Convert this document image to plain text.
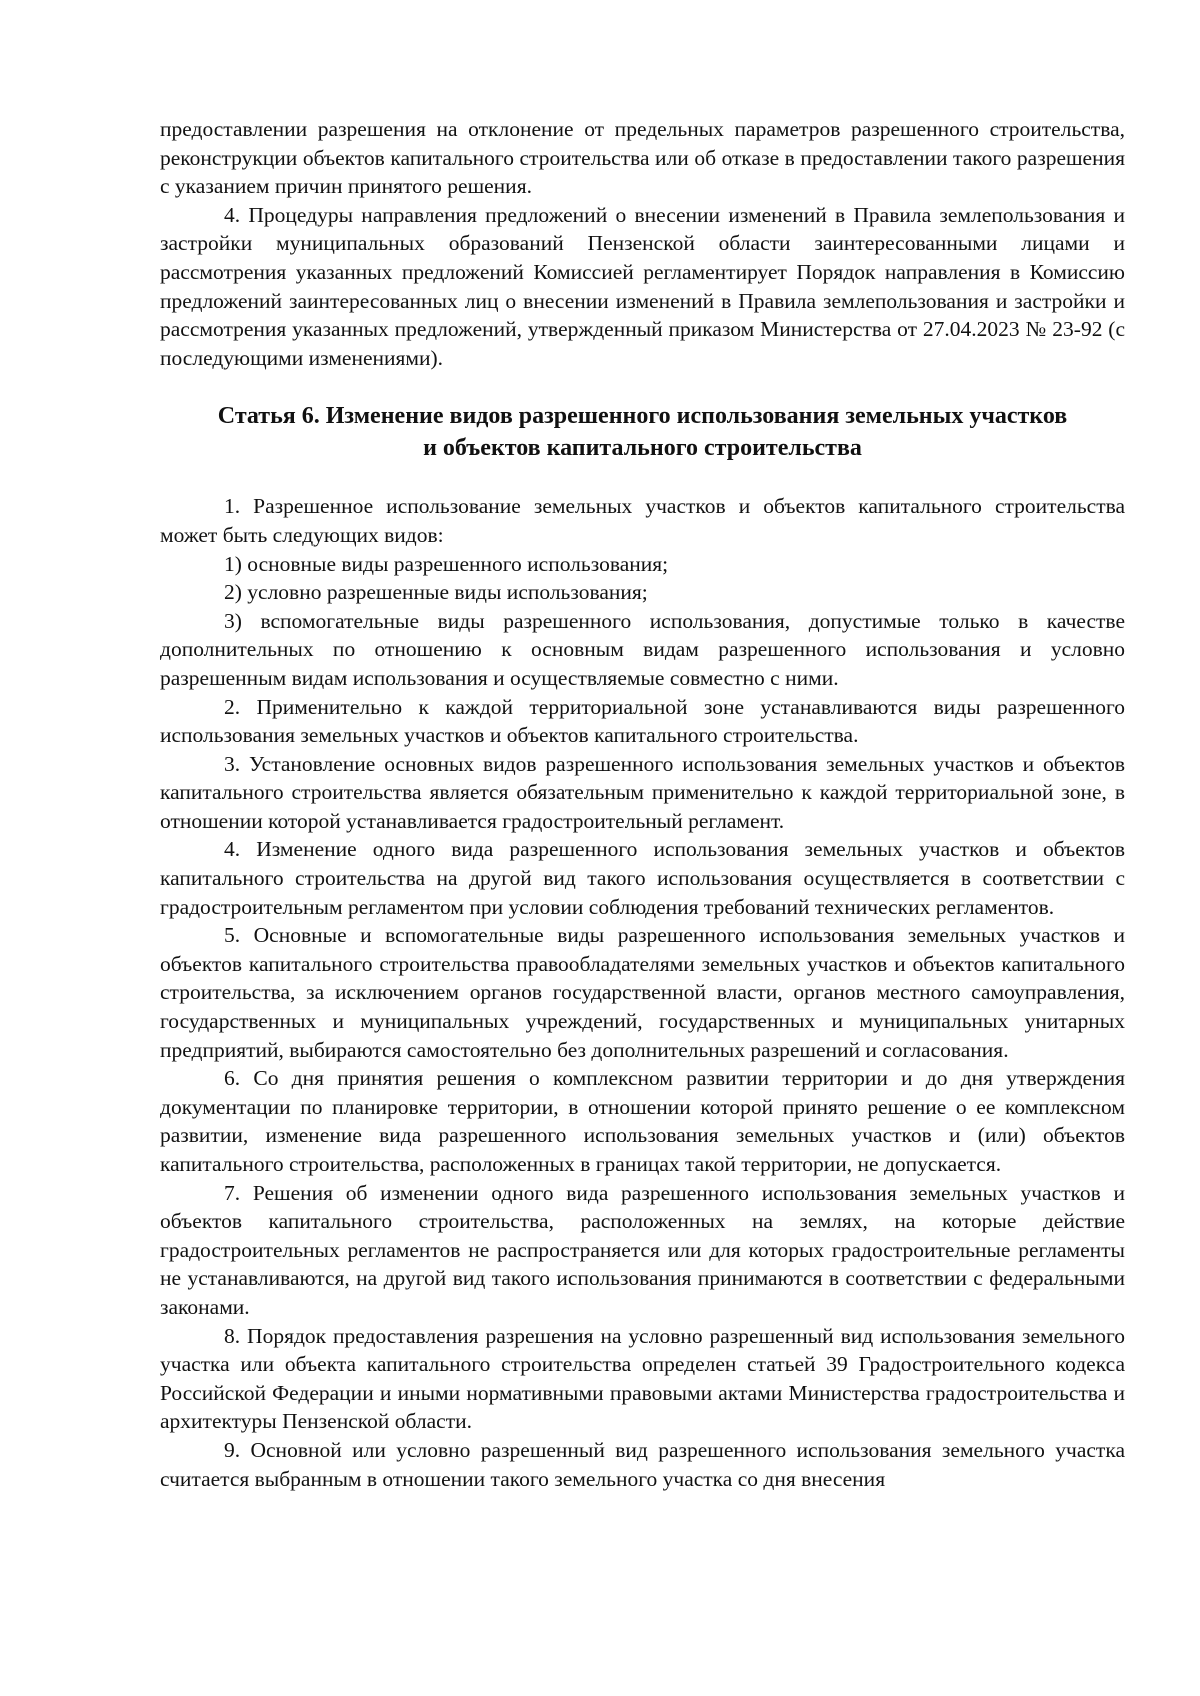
предоставлении разрешения на отклонение от предельных параметров разрешенного строительства, реконструкции объектов капитального строительства или об отказе в предоставлении такого разрешения с указанием причин принятого решения.

4. Процедуры направления предложений о внесении изменений в Правила землепользования и застройки муниципальных образований Пензенской области заинтересованными лицами и рассмотрения указанных предложений Комиссией регламентирует Порядок направления в Комиссию предложений заинтересованных лиц о внесении изменений в Правила землепользования и застройки и рассмотрения указанных предложений, утвержденный приказом Министерства от 27.04.2023 № 23-92 (с последующими изменениями).

Статья 6. Изменение видов разрешенного использования земельных участков
и объектов капитального строительства

1. Разрешенное использование земельных участков и объектов капитального строительства может быть следующих видов:

1) основные виды разрешенного использования;

2) условно разрешенные виды использования;

3) вспомогательные виды разрешенного использования, допустимые только в качестве дополнительных по отношению к основным видам разрешенного использования и условно разрешенным видам использования и осуществляемые совместно с ними.

2. Применительно к каждой территориальной зоне устанавливаются виды разрешенного использования земельных участков и объектов капитального строительства.

3. Установление основных видов разрешенного использования земельных участков и объектов капитального строительства является обязательным применительно к каждой территориальной зоне, в отношении которой устанавливается градостроительный регламент.

4. Изменение одного вида разрешенного использования земельных участков и объектов капитального строительства на другой вид такого использования осуществляется в соответствии с градостроительным регламентом при условии соблюдения требований технических регламентов.

5. Основные и вспомогательные виды разрешенного использования земельных участков и объектов капитального строительства правообладателями земельных участков и объектов капитального строительства, за исключением органов государственной власти, органов местного самоуправления, государственных и муниципальных учреждений, государственных и муниципальных унитарных предприятий, выбираются самостоятельно без дополнительных разрешений и согласования.

6. Со дня принятия решения о комплексном развитии территории и до дня утверждения документации по планировке территории, в отношении которой принято решение о ее комплексном развитии, изменение вида разрешенного использования земельных участков и (или) объектов капитального строительства, расположенных в границах такой территории, не допускается.

7. Решения об изменении одного вида разрешенного использования земельных участков и объектов капитального строительства, расположенных на землях, на которые действие градостроительных регламентов не распространяется или для которых градостроительные регламенты не устанавливаются, на другой вид такого использования принимаются в соответствии с федеральными законами.

8. Порядок предоставления разрешения на условно разрешенный вид использования земельного участка или объекта капитального строительства определен статьей 39 Градостроительного кодекса Российской Федерации и иными нормативными правовыми актами Министерства градостроительства и архитектуры Пензенской области.

9. Основной или условно разрешенный вид разрешенного использования земельного участка считается выбранным в отношении такого земельного участка со дня внесения
